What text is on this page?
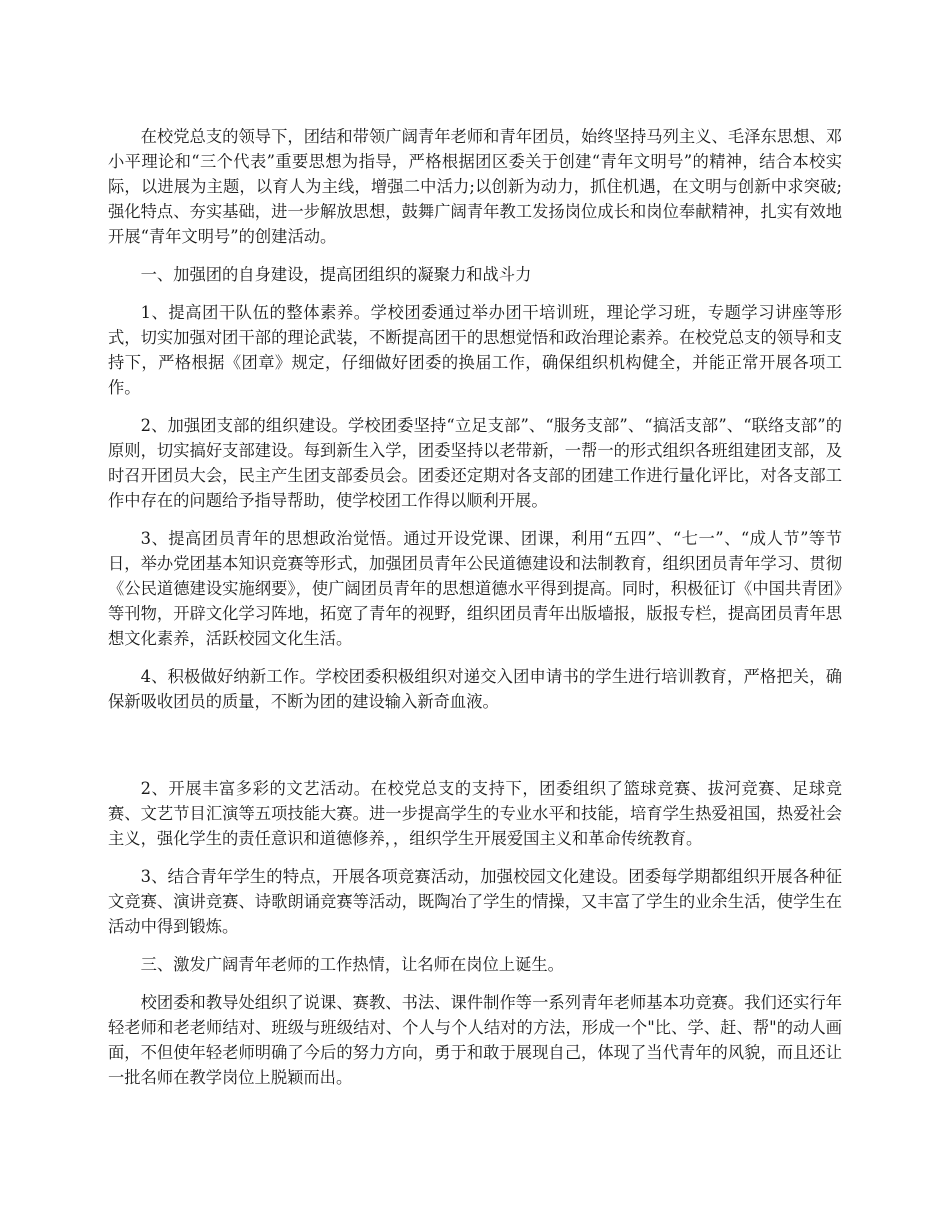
在校党总支的领导下，团结和带领广阔青年老师和青年团员，始终坚持马列主义、毛泽东思想、邓小平理论和“三个代表”重要思想为指导，严格根据团区委关于创建“青年文明号”的精神，结合本校实际，以进展为主题，以育人为主线，增强二中活力;以创新为动力，抓住机遇，在文明与创新中求突破;强化特点、夯实基础，进一步解放思想，鼓舞广阔青年教工发扬岗位成长和岗位奉献精神，扎实有效地开展“青年文明号”的创建活动。

一、加强团的自身建设，提高团组织的凝聚力和战斗力

1、提高团干队伍的整体素养。学校团委通过举办团干培训班，理论学习班，专题学习讲座等形式，切实加强对团干部的理论武装，不断提高团干的思想觉悟和政治理论素养。在校党总支的领导和支持下，严格根据《团章》规定，仔细做好团委的换届工作，确保组织机构健全，并能正常开展各项工作。

2、加强团支部的组织建设。学校团委坚持“立足支部”、“服务支部”、“搞活支部”、“联络支部”的原则，切实搞好支部建设。每到新生入学，团委坚持以老带新，一帮一的形式组织各班组建团支部，及时召开团员大会，民主产生团支部委员会。团委还定期对各支部的团建工作进行量化评比，对各支部工作中存在的问题给予指导帮助，使学校团工作得以顺利开展。

3、提高团员青年的思想政治觉悟。通过开设党课、团课，利用“五四”、“七一”、“成人节”等节日，举办党团基本知识竞赛等形式，加强团员青年公民道德建设和法制教育，组织团员青年学习、贯彻《公民道德建设实施纲要》，使广阔团员青年的思想道德水平得到提高。同时，积极征订《中国共青团》等刊物，开辟文化学习阵地，拓宽了青年的视野，组织团员青年出版墙报，版报专栏，提高团员青年思想文化素养，活跃校园文化生活。

4、积极做好纳新工作。学校团委积极组织对递交入团申请书的学生进行培训教育，严格把关，确保新吸收团员的质量，不断为团的建设输入新奇血液。

2、开展丰富多彩的文艺活动。在校党总支的支持下，团委组织了篮球竞赛、拔河竞赛、足球竞赛、文艺节目汇演等五项技能大赛。进一步提高学生的专业水平和技能，培育学生热爱祖国，热爱社会主义，强化学生的责任意识和道德修养，，组织学生开展爱国主义和革命传统教育。

3、结合青年学生的特点，开展各项竞赛活动，加强校园文化建设。团委每学期都组织开展各种征文竞赛、演讲竞赛、诗歌朗诵竞赛等活动，既陶冶了学生的情操，又丰富了学生的业余生活，使学生在活动中得到锻炼。

三、激发广阔青年老师的工作热情，让名师在岗位上诞生。

校团委和教导处组织了说课、赛教、书法、课件制作等一系列青年老师基本功竞赛。我们还实行年轻老师和老老师结对、班级与班级结对、个人与个人结对的方法，形成一个"比、学、赶、帮"的动人画面，不但使年轻老师明确了今后的努力方向，勇于和敢于展现自己，体现了当代青年的风貌，而且还让一批名师在教学岗位上脱颖而出。
